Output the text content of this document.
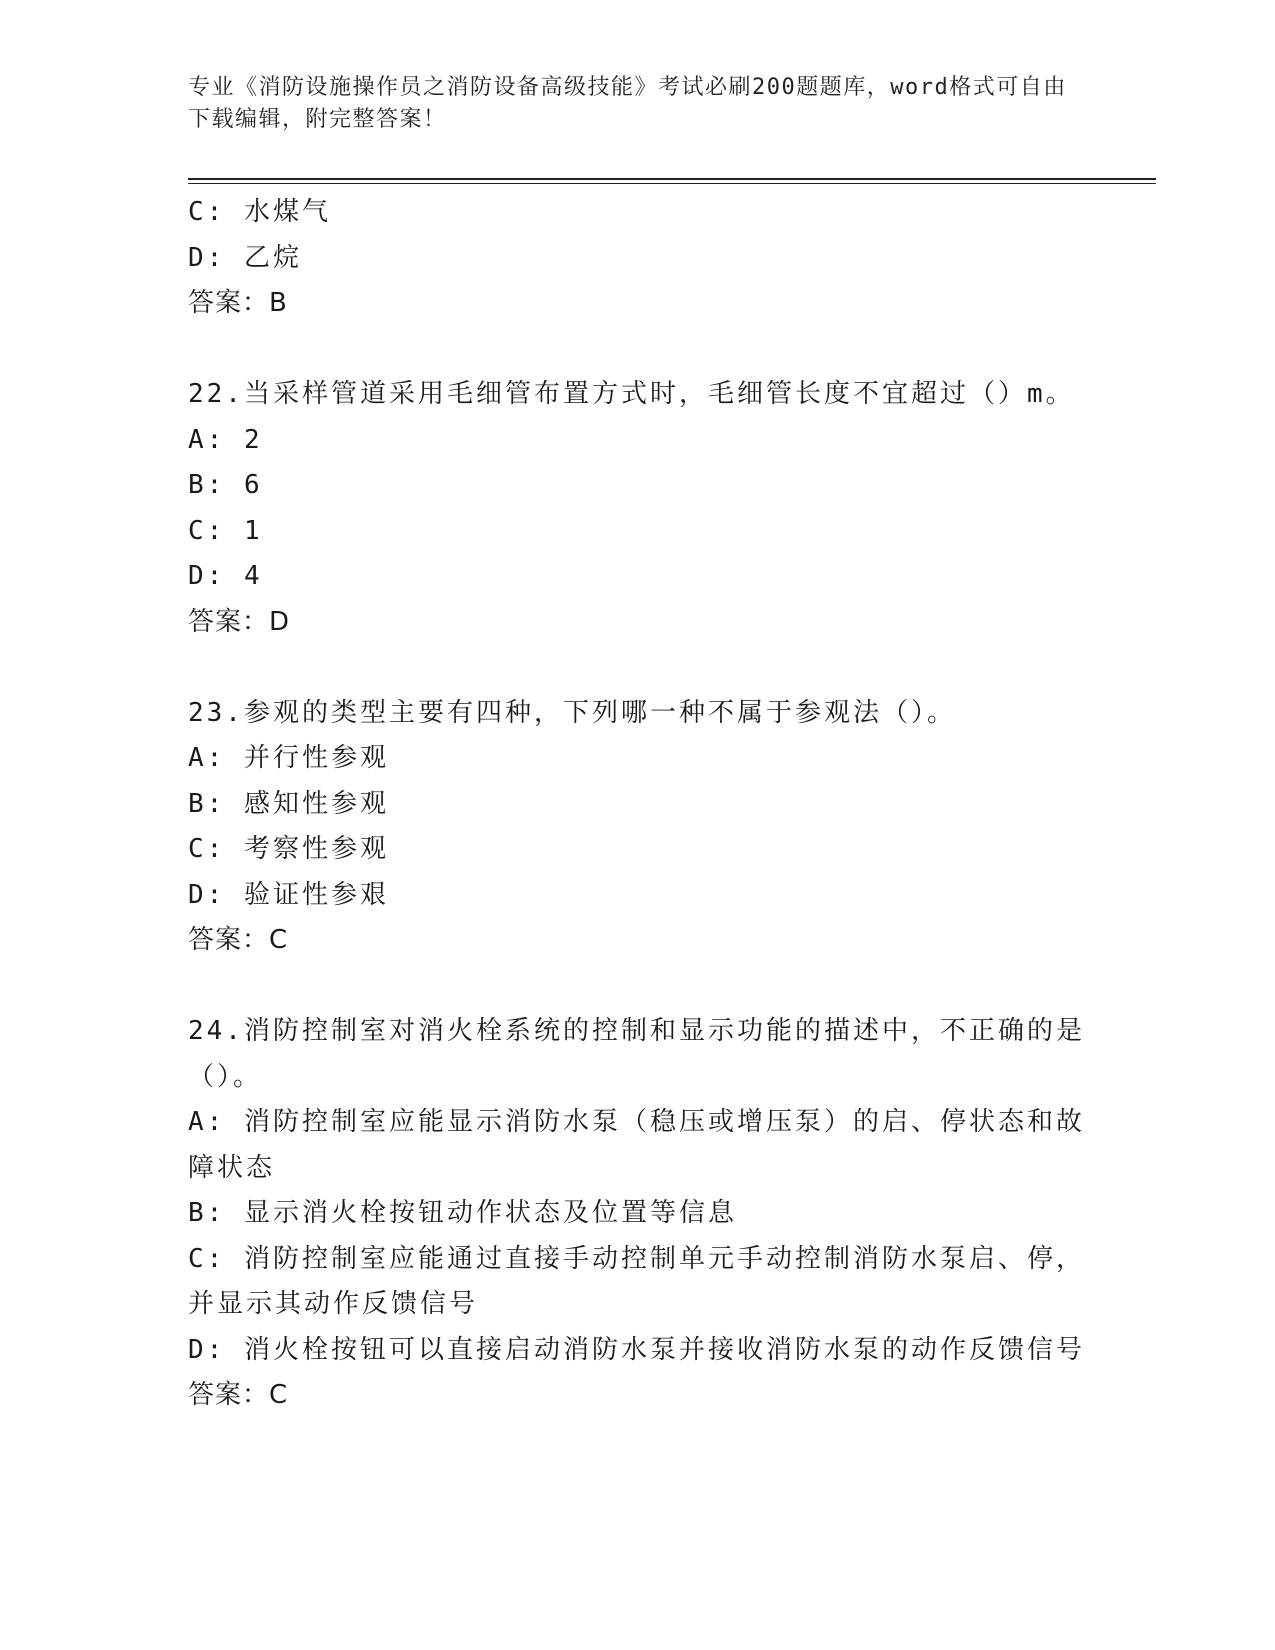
专业《消防设施操作员之消防设备高级技能》考试必刷200题题库，word格式可自由下载编辑，附完整答案！
C: 水煤气
D: 乙烷
答案：B
22.当采样管道采用毛细管布置方式时，毛细管长度不宜超过（）m。
A: 2
B: 6
C: 1
D: 4
答案：D
23.参观的类型主要有四种，下列哪一种不属于参观法（）。
A: 并行性参观
B: 感知性参观
C: 考察性参观
D: 验证性参艰
答案：C
24.消防控制室对消火栓系统的控制和显示功能的描述中，不正确的是（）。
A: 消防控制室应能显示消防水泵（稳压或增压泵）的启、停状态和故障状态
B: 显示消火栓按钮动作状态及位置等信息
C: 消防控制室应能通过直接手动控制单元手动控制消防水泵启、停，并显示其动作反馈信号
D: 消火栓按钮可以直接启动消防水泵并接收消防水泵的动作反馈信号
答案：C
